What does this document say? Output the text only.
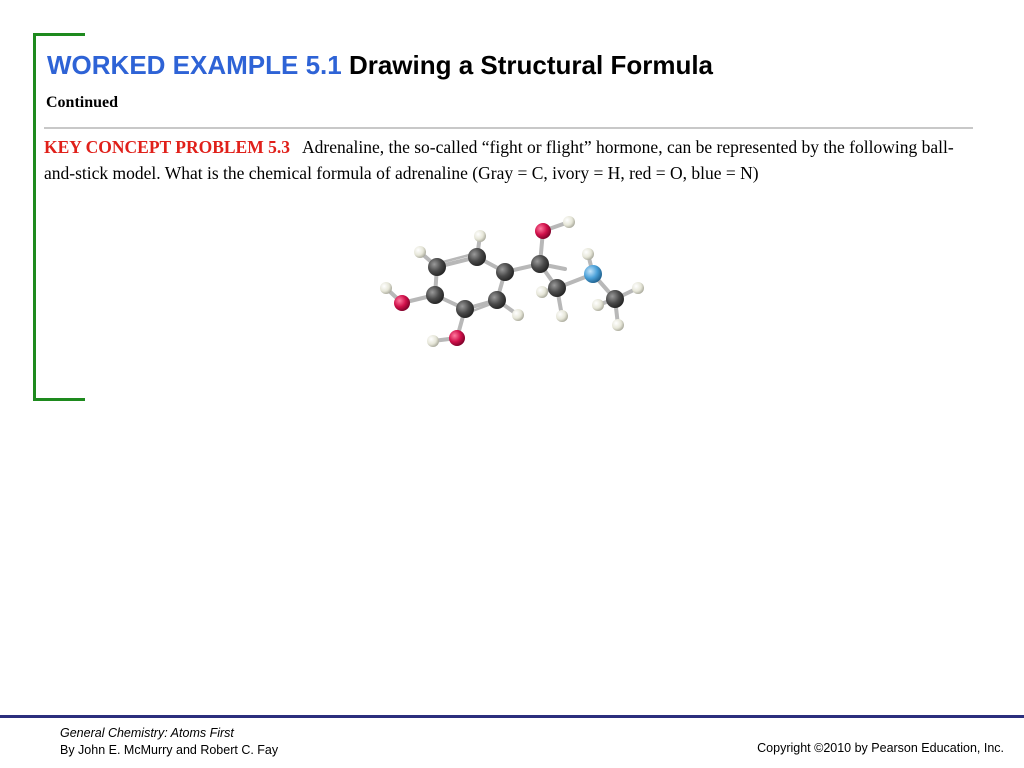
WORKED EXAMPLE 5.1 Drawing a Structural Formula
Continued
KEY CONCEPT PROBLEM 5.3 Adrenaline, the so-called “fight or flight” hormone, can be represented by the following ball-and-stick model. What is the chemical formula of adrenaline (Gray = C, ivory = H, red = O, blue = N)
General Chemistry: Atoms First
By John E. McMurry and Robert C. Fay	Copyright ©2010 by Pearson Education, Inc.
